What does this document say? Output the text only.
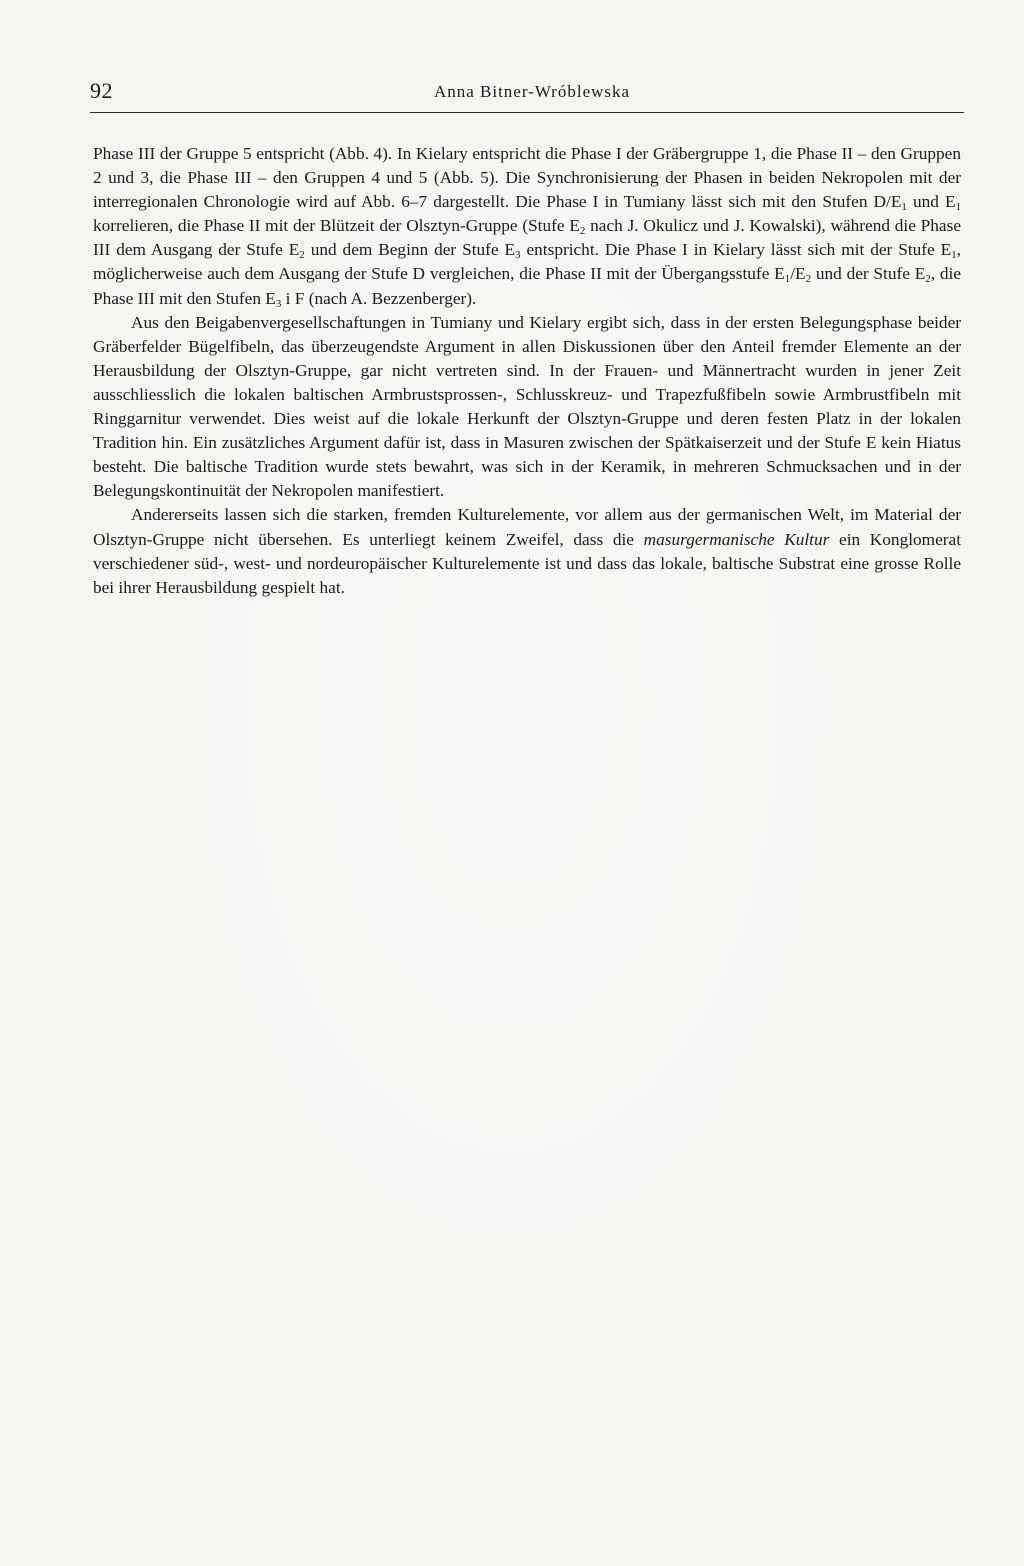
92	Anna Bitner-Wróblewska

Phase III der Gruppe 5 entspricht (Abb. 4). In Kielary entspricht die Phase I der Gräbergruppe 1, die Phase II – den Gruppen 2 und 3, die Phase III – den Gruppen 4 und 5 (Abb. 5). Die Synchronisierung der Phasen in beiden Nekropolen mit der interregionalen Chronologie wird auf Abb. 6–7 dargestellt. Die Phase I in Tumiany lässt sich mit den Stufen $D/E_1$ und $E_1$ korrelieren, die Phase II mit der Blützeit der Olsztyn-Gruppe (Stufe $E_2$ nach J. Okulicz und J. Kowalski), während die Phase III dem Ausgang der Stufe $E_2$ und dem Beginn der Stufe $E_3$ entspricht. Die Phase I in Kielary lässt sich mit der Stufe $E_1$, möglicherweise auch dem Ausgang der Stufe D vergleichen, die Phase II mit der Übergangsstufe $E_1/E_2$ und der Stufe $E_2$, die Phase III mit den Stufen $E_3$ i F (nach A. Bezzenberger).

Aus den Beigabenvergesellschaftungen in Tumiany und Kielary ergibt sich, dass in der ersten Belegungsphase beider Gräberfelder Bügelfibeln, das überzeugendste Argument in allen Diskussionen über den Anteil fremder Elemente an der Herausbildung der Olsztyn-Gruppe, gar nicht vertreten sind. In der Frauen- und Männertracht wurden in jener Zeit ausschliesslich die lokalen baltischen Armbrustsprossen-, Schlusskreuz- und Trapezfußfibeln sowie Armbrustfibeln mit Ringgarnitur verwendet. Dies weist auf die lokale Herkunft der Olsztyn-Gruppe und deren festen Platz in der lokalen Tradition hin. Ein zusätzliches Argument dafür ist, dass in Masuren zwischen der Spätkaiserzeit und der Stufe E kein Hiatus besteht. Die baltische Tradition wurde stets bewahrt, was sich in der Keramik, in mehreren Schmucksachen und in der Belegungskontinuität der Nekropolen manifestiert.

Andererseits lassen sich die starken, fremden Kulturelemente, vor allem aus der germanischen Welt, im Material der Olsztyn-Gruppe nicht übersehen. Es unterliegt keinem Zweifel, dass die masurgermanische Kultur ein Konglomerat verschiedener süd-, west- und nordeuropäischer Kulturelemente ist und dass das lokale, baltische Substrat eine grosse Rolle bei ihrer Herausbildung gespielt hat.
